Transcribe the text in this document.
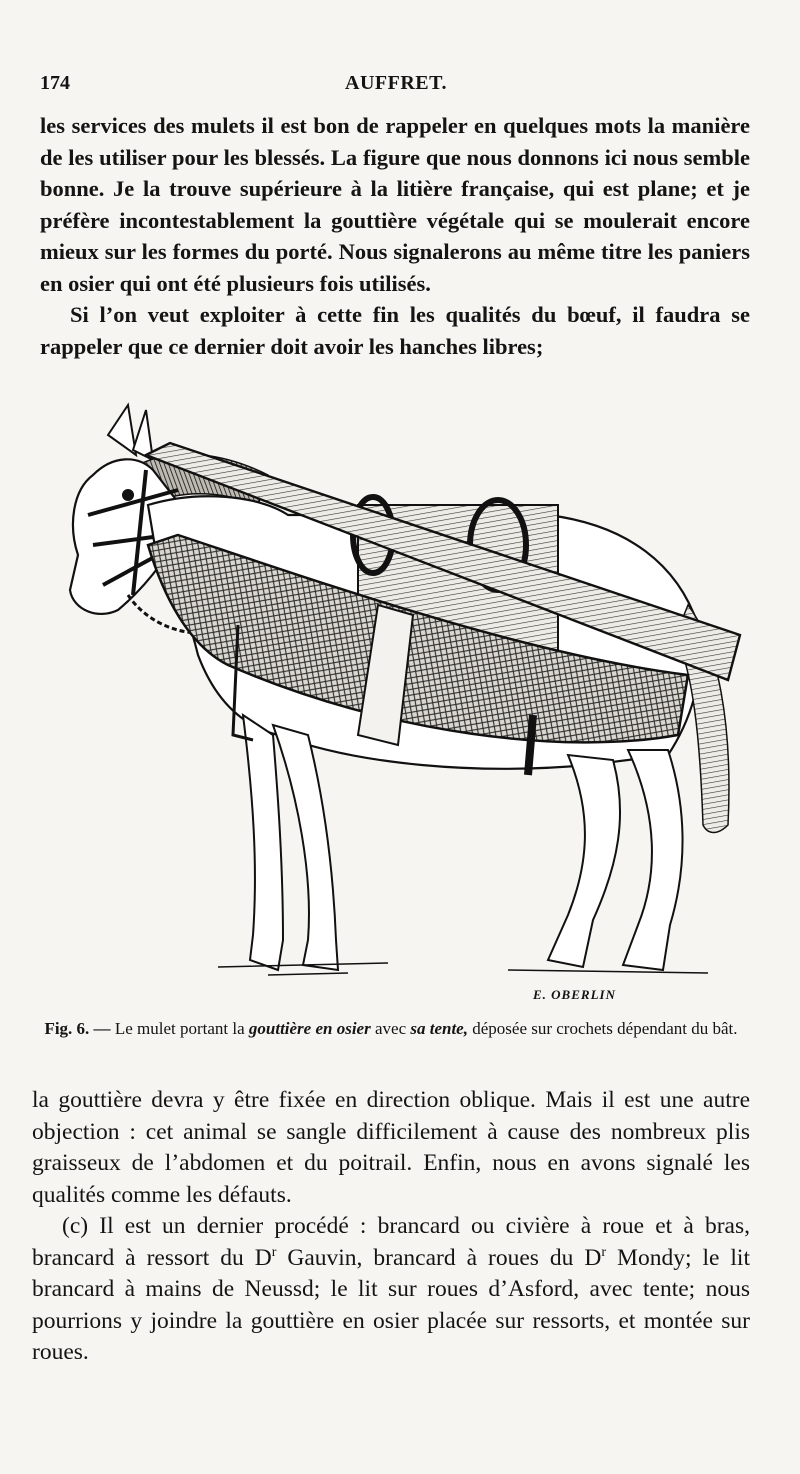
174	AUFFRET.

les services des mulets il est bon de rappeler en quelques mots la manière de les utiliser pour les blessés. La figure que nous donnons ici nous semble bonne. Je la trouve supérieure à la litière française, qui est plane; et je préfère incontestablement la gouttière végétale qui se moulerait encore mieux sur les formes du porté. Nous signalerons au même titre les paniers en osier qui ont été plusieurs fois utilisés.

Si l’on veut exploiter à cette fin les qualités du bœuf, il faudra se rappeler que ce dernier doit avoir les hanches libres;

E. OBERLIN
Fig. 6. — Le mulet portant la gouttière en osier avec sa tente, déposée sur crochets dépendant du bât.

la gouttière devra y être fixée en direction oblique. Mais il est une autre objection : cet animal se sangle difficilement à cause des nombreux plis graisseux de l’abdomen et du poitrail. Enfin, nous en avons signalé les qualités comme les défauts.

(c) Il est un dernier procédé : brancard ou civière à roue et à bras, brancard à ressort du $D^r$ Gauvin, brancard à roues du $D^r$ Mondy; le lit brancard à mains de Neussd; le lit sur roues d’Asford, avec tente; nous pourrions y joindre la gouttière en osier placée sur ressorts, et montée sur roues.
